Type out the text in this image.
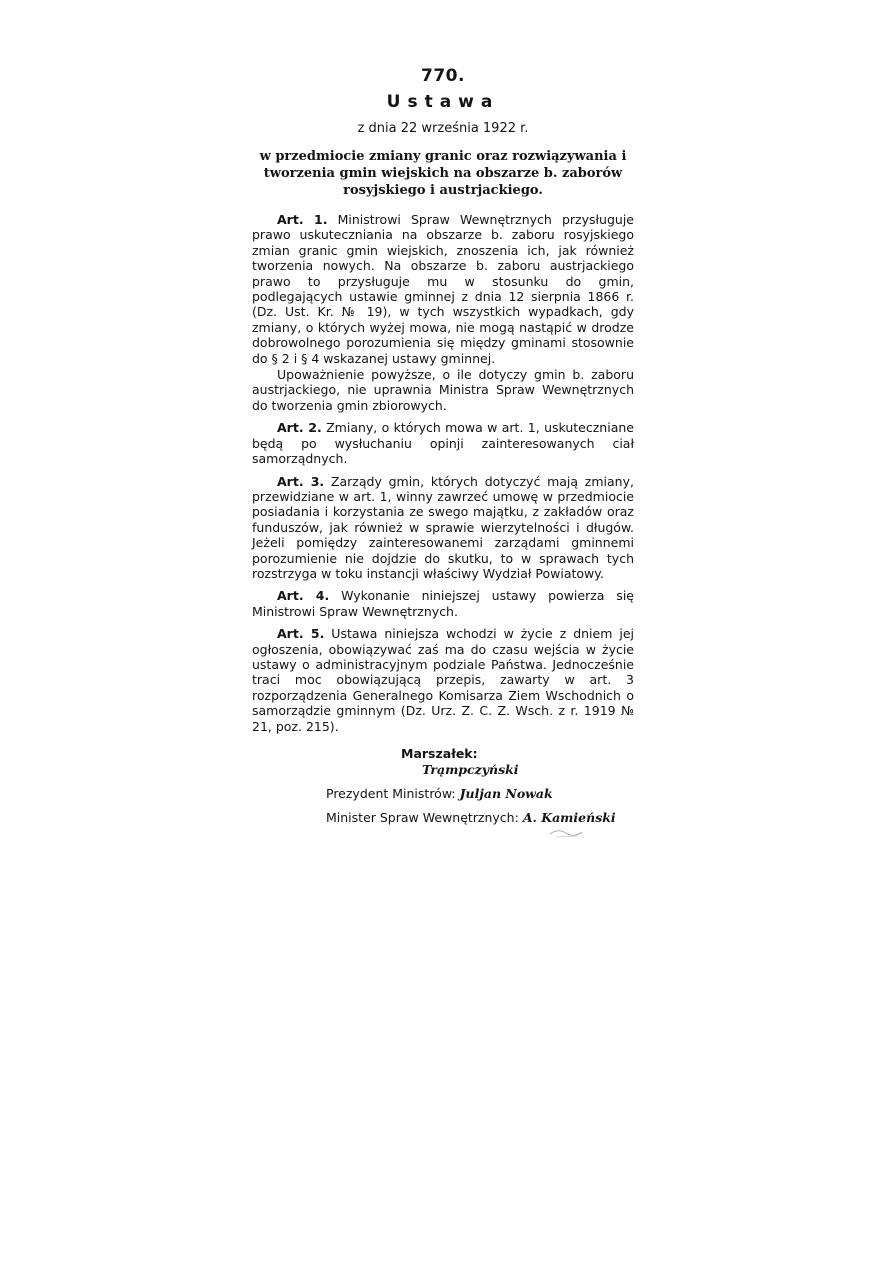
770.
Ustawa
z dnia 22 września 1922 r.
w przedmiocie zmiany granic oraz rozwiązywania i tworzenia gmin wiejskich na obszarze b. zaborów rosyjskiego i austrjackiego.

Art. 1. Ministrowi Spraw Wewnętrznych przysługuje prawo uskuteczniania na obszarze b. zaboru rosyjskiego zmian granic gmin wiejskich, znoszenia ich, jak również tworzenia nowych. Na obszarze b. zaboru austrjackiego prawo to przysługuje mu w stosunku do gmin, podlegających ustawie gminnej z dnia 12 sierpnia 1866 r. (Dz. Ust. Kr. № 19), w tych wszystkich wypadkach, gdy zmiany, o których wyżej mowa, nie mogą nastąpić w drodze dobrowolnego porozumienia się między gminami stosownie do § 2 i § 4 wskazanej ustawy gminnej.

Upoważnienie powyższe, o ile dotyczy gmin b. zaboru austrjackiego, nie uprawnia Ministra Spraw Wewnętrznych do tworzenia gmin zbiorowych.

Art. 2. Zmiany, o których mowa w art. 1, uskuteczniane będą po wysłuchaniu opinji zainteresowanych ciał samorządnych.

Art. 3. Zarządy gmin, których dotyczyć mają zmiany, przewidziane w art. 1, winny zawrzeć umowę w przedmiocie posiadania i korzystania ze swego majątku, z zakładów oraz funduszów, jak również w sprawie wierzytelności i długów. Jeżeli pomiędzy zainteresowanemi zarządami gminnemi porozumienie nie dojdzie do skutku, to w sprawach tych rozstrzyga w toku instancji właściwy Wydział Powiatowy.

Art. 4. Wykonanie niniejszej ustawy powierza się Ministrowi Spraw Wewnętrznych.

Art. 5. Ustawa niniejsza wchodzi w życie z dniem jej ogłoszenia, obowiązywać zaś ma do czasu wejścia w życie ustawy o administracyjnym podziale Państwa. Jednocześnie traci moc obowiązującą przepis, zawarty w art. 3 rozporządzenia Generalnego Komisarza Ziem Wschodnich o samorządzie gminnym (Dz. Urz. Z. C. Z. Wsch. z r. 1919 № 21, poz. 215).

Marszałek:
Trąmpczyński
Prezydent Ministrów: Juljan Nowak
Minister Spraw Wewnętrznych: A. Kamieński
